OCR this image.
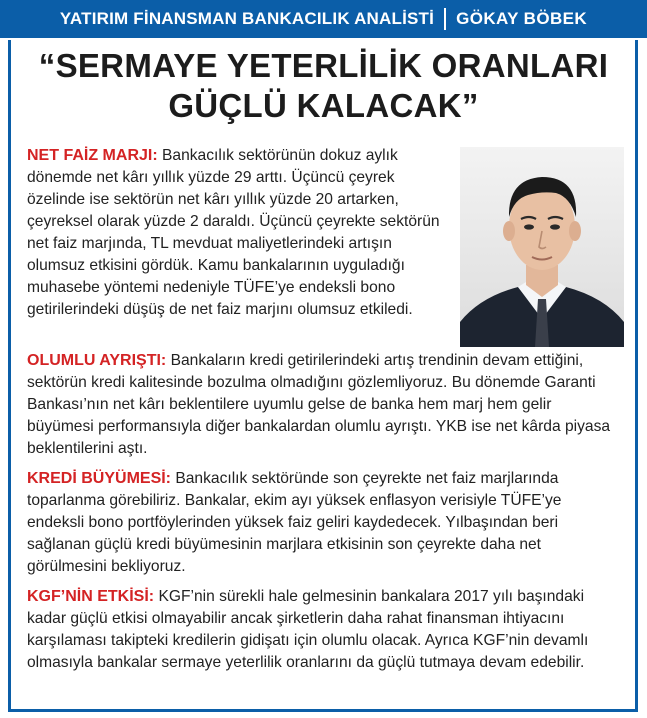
YATIRIM FİNANSMAN BANKACILIK ANALİSTİ GÖKAY BÖBEK
“SERMAYE YETERLİLİK ORANLARI
GÜÇLÜ KALACAK”
NET FAİZ MARJI: Bankacılık sektörünün dokuz aylık dönemde net kârı yıllık yüzde 29 arttı. Üçüncü çeyrek özelinde ise sektörün net kârı yıllık yüzde 20 artarken, çeyreksel olarak yüzde 2 daraldı. Üçüncü çeyrekte sektörün net faiz marjında, TL mevduat maliyetlerindeki artışın olumsuz etkisini gördük. Kamu bankalarının uyguladığı muhasebe yöntemi nedeniyle TÜFE’ye endeksli bono getirilerindeki düşüş de net faiz marjını olumsuz etkiledi.
OLUMLU AYRIŞTI: Bankaların kredi getirilerindeki artış trendinin devam ettiğini, sektörün kredi kalitesinde bozulma olmadığını gözlemliyoruz. Bu dönemde Garanti Bankası’nın net kârı beklentilere uyumlu gelse de banka hem marj hem gelir büyümesi performansıyla diğer bankalardan olumlu ayrıştı. YKB ise net kârda piyasa beklentilerini aştı.
KREDİ BÜYÜMESİ: Bankacılık sektöründe son çeyrekte net faiz marjlarında toparlanma görebiliriz. Bankalar, ekim ayı yüksek enflasyon verisiyle TÜFE’ye endeksli bono portföylerinden yüksek faiz geliri kaydedecek. Yılbaşından beri sağlanan güçlü kredi büyümesinin marjlara etkisinin son çeyrekte daha net görülmesini bekliyoruz.
KGF’NİN ETKİSİ: KGF’nin sürekli hale gelmesinin bankalara 2017 yılı başındaki kadar güçlü etkisi olmayabilir ancak şirketlerin daha rahat finansman ihtiyacını karşılaması takipteki kredilerin gidişatı için olumlu olacak. Ayrıca KGF’nin devamlı olmasıyla bankalar sermaye yeterlilik oranlarını da güçlü tutmaya devam edebilir.
